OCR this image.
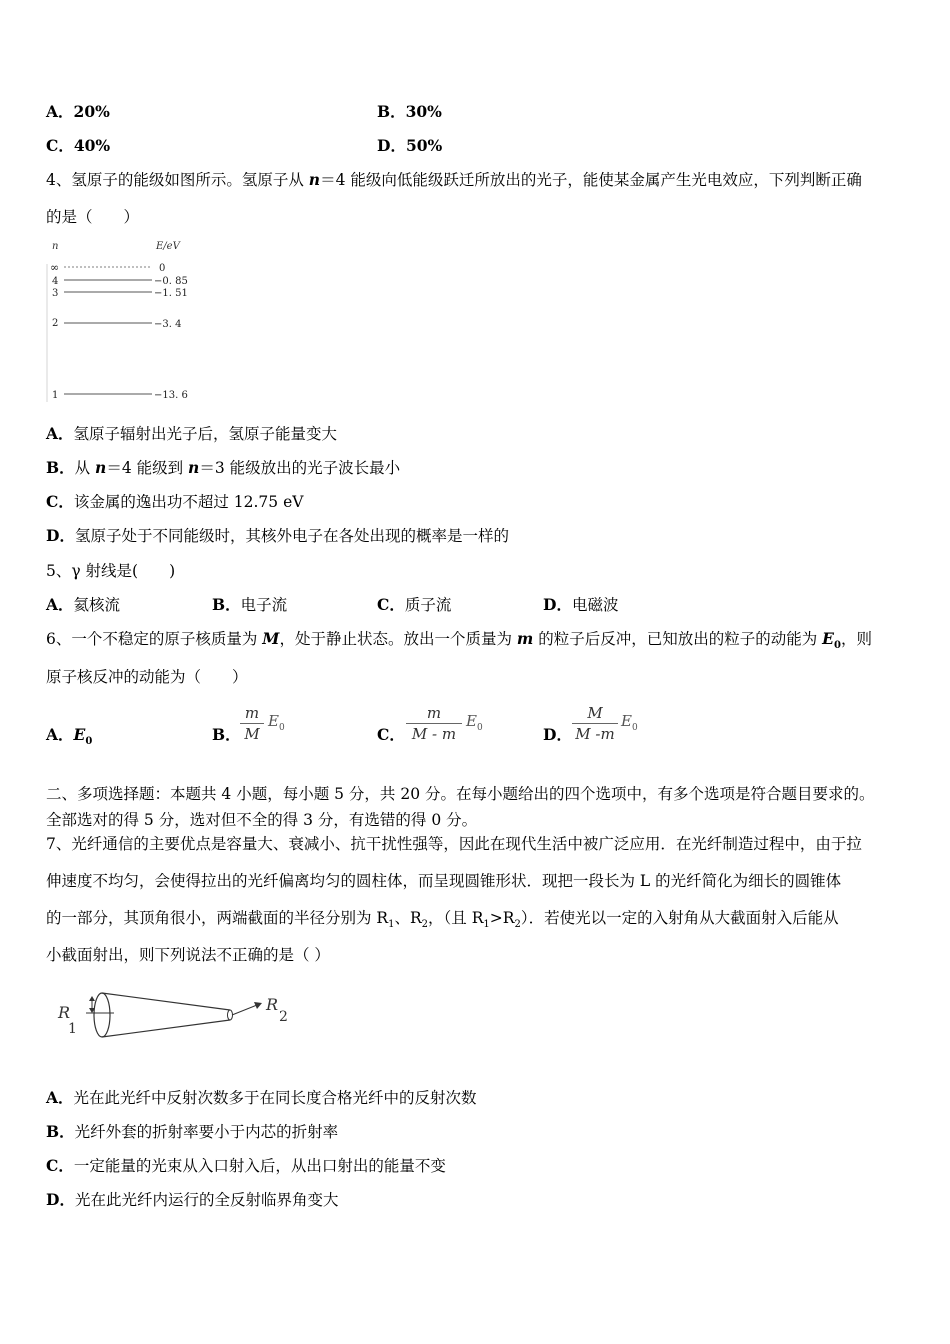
A．20%	B．30%
C．40%	D．50%
4、氢原子的能级如图所示。氢原子从 n＝4 能级向低能级跃迁所放出的光子，能使某金属产生光电效应，下列判断正确
的是（　　）
n	E/eV
∞	0
4	−0. 85
3	−1. 51
2	−3. 4
1	−13. 6
A．氢原子辐射出光子后，氢原子能量变大
B．从 n＝4 能级到 n＝3 能级放出的光子波长最小
C．该金属的逸出功不超过 12.75 eV
D．氢原子处于不同能级时，其核外电子在各处出现的概率是一样的
5、γ 射线是(　　)
A．氦核流	B．电子流	C．质子流	D．电磁波
6、一个不稳定的原子核质量为 M，处于静止状态。放出一个质量为 m 的粒子后反冲，已知放出的粒子的动能为 $E_0$，则
原子核反冲的动能为（　　）
A．$E_0$	B．
m
M
$E_0$	C．
m
M - m
$E_0$	D．
M
M -m
$E_0$
二、多项选择题：本题共 4 小题，每小题 5 分，共 20 分。在每小题给出的四个选项中，有多个选项是符合题目要求的。
全部选对的得 5 分，选对但不全的得 3 分，有选错的得 0 分。
7、光纤通信的主要优点是容量大、衰减小、抗干扰性强等，因此在现代生活中被广泛应用．在光纤制造过程中，由于拉
伸速度不均匀，会使得拉出的光纤偏离均匀的圆柱体，而呈现圆锥形状．现把一段长为 L 的光纤简化为细长的圆锥体
的一部分，其顶角很小，两端截面的半径分别为 $R_1$、$R_2$，（且 $R_1>R_2$）．若使光以一定的入射角从大截面射入后能从
小截面射出，则下列说法不正确的是（ ）
R
1
R
2
A．光在此光纤中反射次数多于在同长度合格光纤中的反射次数
B．光纤外套的折射率要小于内芯的折射率
C．一定能量的光束从入口射入后，从出口射出的能量不变
D．光在此光纤内运行的全反射临界角变大
